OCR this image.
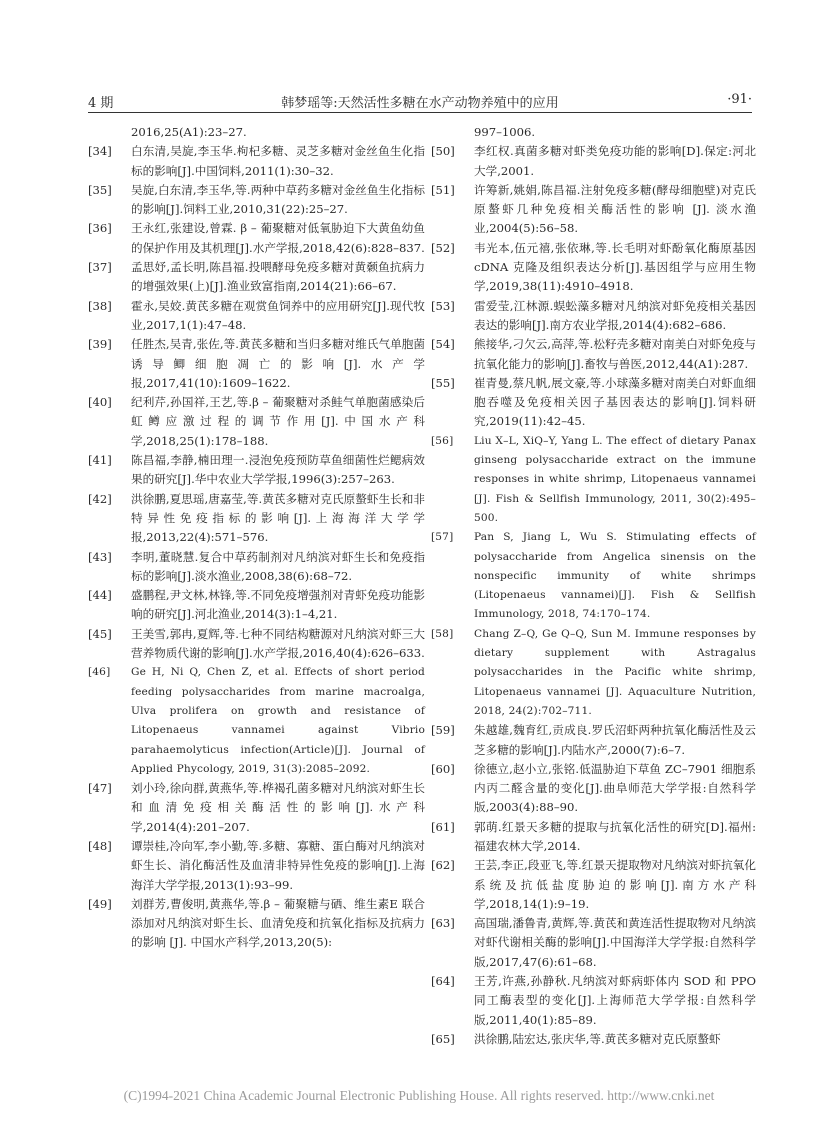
4 期	韩梦瑶等:天然活性多糖在水产动物养殖中的应用	·91·
2016,25(A1):23–27.
[34] 白东清,吴旋,李玉华.枸杞多糖、灵芝多糖对金丝鱼生化指标的影响[J].中国饲料,2011(1):30–32.
[35] 吴旋,白东清,李玉华,等.两种中草药多糖对金丝鱼生化指标的影响[J].饲料工业,2010,31(22):25–27.
[36] 王永红,张建设,曾霖. β – 葡聚糖对低氧胁迫下大黄鱼幼鱼的保护作用及其机理[J].水产学报,2018,42(6):828–837.
[37] 孟思妤,孟长明,陈昌福.投喂酵母免疫多糖对黄颡鱼抗病力的增强效果(上)[J].渔业致富指南,2014(21):66–67.
[38] 霍永,吴姣.黄芪多糖在观赏鱼饲养中的应用研究[J].现代牧业,2017,1(1):47–48.
[39] 任胜杰,吴青,张佐,等.黄芪多糖和当归多糖对维氏气单胞菌诱导鲫细胞凋亡的影响[J].水产学报,2017,41(10):1609–1622.
[40] 纪利芹,孙国祥,王艺,等.β – 葡聚糖对杀鲑气单胞菌感染后虹鳟应激过程的调节作用[J].中国水产科学,2018,25(1):178–188.
[41] 陈昌福,李静,楠田理一.浸泡免疫预防草鱼细菌性烂鳃病效果的研究[J].华中农业大学学报,1996(3):257–263.
[42] 洪徐鹏,夏思瑶,唐嘉莹,等.黄芪多糖对克氏原螯虾生长和非特异性免疫指标的影响[J].上海海洋大学学报,2013,22(4):571–576.
[43] 李明,董晓慧.复合中草药制剂对凡纳滨对虾生长和免疫指标的影响[J].淡水渔业,2008,38(6):68–72.
[44] 盛鹏程,尹文林,林锋,等.不同免疫增强剂对青虾免疫功能影响的研究[J].河北渔业,2014(3):1–4,21.
[45] 王美雪,郭冉,夏辉,等.七种不同结构糖源对凡纳滨对虾三大营养物质代谢的影响[J].水产学报,2016,40(4):626–633.
[46] Ge H, Ni Q, Chen Z, et al. Effects of short period feeding polysaccharides from marine macroalga, Ulva prolifera on growth and resistance of Litopenaeus vannamei against Vibrio parahaemolyticus infection(Article)[J]. Journal of Applied Phycology, 2019, 31(3):2085–2092.
[47] 刘小玲,徐向群,黄燕华,等.桦褐孔菌多糖对凡纳滨对虾生长和血清免疫相关酶活性的影响[J].水产科学,2014(4):201–207.
[48] 谭崇桂,冷向军,李小勤,等.多糖、寡糖、蛋白酶对凡纳滨对虾生长、消化酶活性及血清非特异性免疫的影响[J].上海海洋大学学报,2013(1):93–99.
[49] 刘群芳,曹俊明,黄燕华,等.β – 葡聚糖与硒、维生素E 联合添加对凡纳滨对虾生长、血清免疫和抗氧化指标及抗病力的影响 [J]. 中国水产科学,2013,20(5):
997–1006.
[50] 李红权.真菌多糖对虾类免疫功能的影响[D].保定:河北大学,2001.
[51] 许筹新,姚娟,陈昌福.注射免疫多糖(酵母细胞壁)对克氏原螯虾几种免疫相关酶活性的影响 [J]. 淡水渔业,2004(5):56–58.
[52] 韦光本,伍元禧,张依琳,等.长毛明对虾酚氧化酶原基因 cDNA 克隆及组织表达分析[J].基因组学与应用生物学,2019,38(11):4910–4918.
[53] 雷爱莹,江林源.蜈蚣藻多糖对凡纳滨对虾免疫相关基因表达的影响[J].南方农业学报,2014(4):682–686.
[54] 熊接华,刁欠云,高萍,等.松籽壳多糖对南美白对虾免疫与抗氧化能力的影响[J].畜牧与兽医,2012,44(A1):287.
[55] 崔青曼,蔡凡帆,展文豪,等.小球藻多糖对南美白对虾血细胞吞噬及免疫相关因子基因表达的影响[J].饲料研究,2019(11):42–45.
[56] Liu X–L, XiQ–Y, Yang L. The effect of dietary Panax ginseng polysaccharide extract on the immune responses in white shrimp, Litopenaeus vannamei [J]. Fish & Sellfish Immunology, 2011, 30(2):495–500.
[57] Pan S, Jiang L, Wu S. Stimulating effects of polysaccharide from Angelica sinensis on the nonspecific immunity of white shrimps (Litopenaeus vannamei)[J]. Fish & Sellfish Immunology, 2018, 74:170–174.
[58] Chang Z–Q, Ge Q–Q, Sun M. Immune responses by dietary supplement with Astragalus polysaccharides in the Pacific white shrimp, Litopenaeus vannamei [J]. Aquaculture Nutrition, 2018, 24(2):702–711.
[59] 朱越雄,魏育红,贡成良.罗氏沼虾两种抗氧化酶活性及云芝多糖的影响[J].内陆水产,2000(7):6–7.
[60] 徐德立,赵小立,张铭.低温胁迫下草鱼 ZC–7901 细胞系内丙二醛含量的变化[J].曲阜师范大学学报:自然科学版,2003(4):88–90.
[61] 郭萌.红景天多糖的提取与抗氧化活性的研究[D].福州:福建农林大学,2014.
[62] 王芸,李正,段亚飞,等.红景天提取物对凡纳滨对虾抗氧化系统及抗低盐度胁迫的影响[J].南方水产科学,2018,14(1):9–19.
[63] 高国瑞,潘鲁青,黄辉,等.黄芪和黄连活性提取物对凡纳滨对虾代谢相关酶的影响[J].中国海洋大学学报:自然科学版,2017,47(6):61–68.
[64] 王芳,许燕,孙静秋.凡纳滨对虾病虾体内 SOD 和 PPO同工酶表型的变化[J].上海师范大学学报:自然科学版,2011,40(1):85–89.
[65] 洪徐鹏,陆宏达,张庆华,等.黄芪多糖对克氏原螯虾
(C)1994-2021 China Academic Journal Electronic Publishing House. All rights reserved. http://www.cnki.net
